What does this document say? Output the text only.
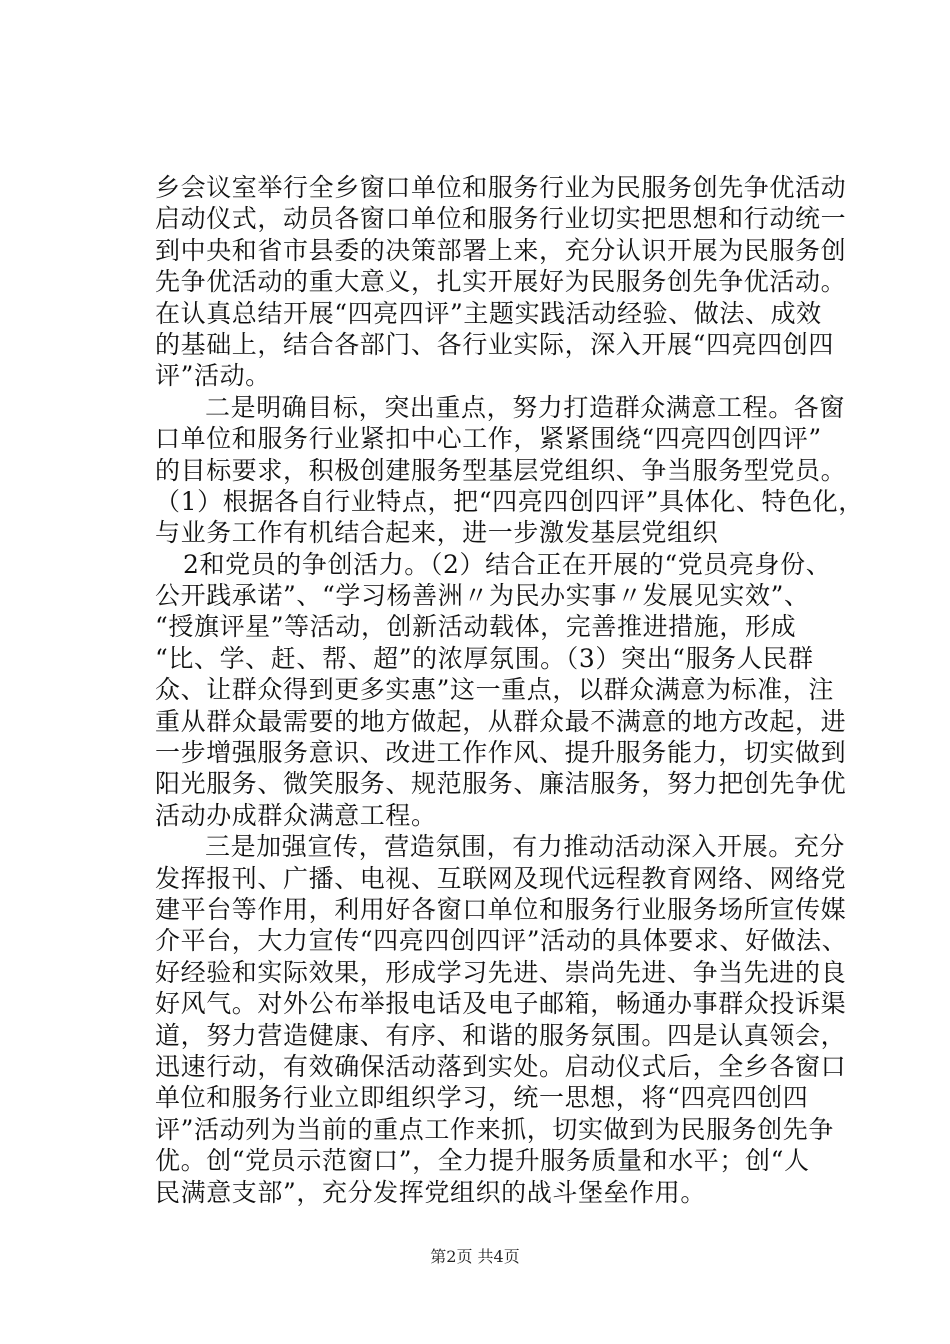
乡会议室举行全乡窗口单位和服务行业为民服务创先争优活动
启动仪式，动员各窗口单位和服务行业切实把思想和行动统一
到中央和省市县委的决策部署上来，充分认识开展为民服务创
先争优活动的重大意义，扎实开展好为民服务创先争优活动。
在认真总结开展“四亮四评”主题实践活动经验、做法、成效
的基础上，结合各部门、各行业实际，深入开展“四亮四创四
评”活动。
二是明确目标，突出重点，努力打造群众满意工程。各窗
口单位和服务行业紧扣中心工作，紧紧围绕“四亮四创四评”
的目标要求，积极创建服务型基层党组织、争当服务型党员。
（1）根据各自行业特点，把“四亮四创四评”具体化、特色化，
与业务工作有机结合起来，进一步激发基层党组织
2和党员的争创活力。（2）结合正在开展的“党员亮身份、
公开践承诺”、“学习杨善洲〃为民办实事〃发展见实效”、
“授旗评星”等活动，创新活动载体，完善推进措施，形成
“比、学、赶、帮、超”的浓厚氛围。（3）突出“服务人民群
众、让群众得到更多实惠”这一重点，以群众满意为标准，注
重从群众最需要的地方做起，从群众最不满意的地方改起，进
一步增强服务意识、改进工作作风、提升服务能力，切实做到
阳光服务、微笑服务、规范服务、廉洁服务，努力把创先争优
活动办成群众满意工程。
三是加强宣传，营造氛围，有力推动活动深入开展。充分
发挥报刊、广播、电视、互联网及现代远程教育网络、网络党
建平台等作用，利用好各窗口单位和服务行业服务场所宣传媒
介平台，大力宣传“四亮四创四评”活动的具体要求、好做法、
好经验和实际效果，形成学习先进、崇尚先进、争当先进的良
好风气。对外公布举报电话及电子邮箱，畅通办事群众投诉渠
道，努力营造健康、有序、和谐的服务氛围。四是认真领会，
迅速行动，有效确保活动落到实处。启动仪式后，全乡各窗口
单位和服务行业立即组织学习，统一思想，将“四亮四创四
评”活动列为当前的重点工作来抓，切实做到为民服务创先争
优。创“党员示范窗口”，全力提升服务质量和水平；创“人
民满意支部”，充分发挥党组织的战斗堡垒作用。
第2页 共4页
